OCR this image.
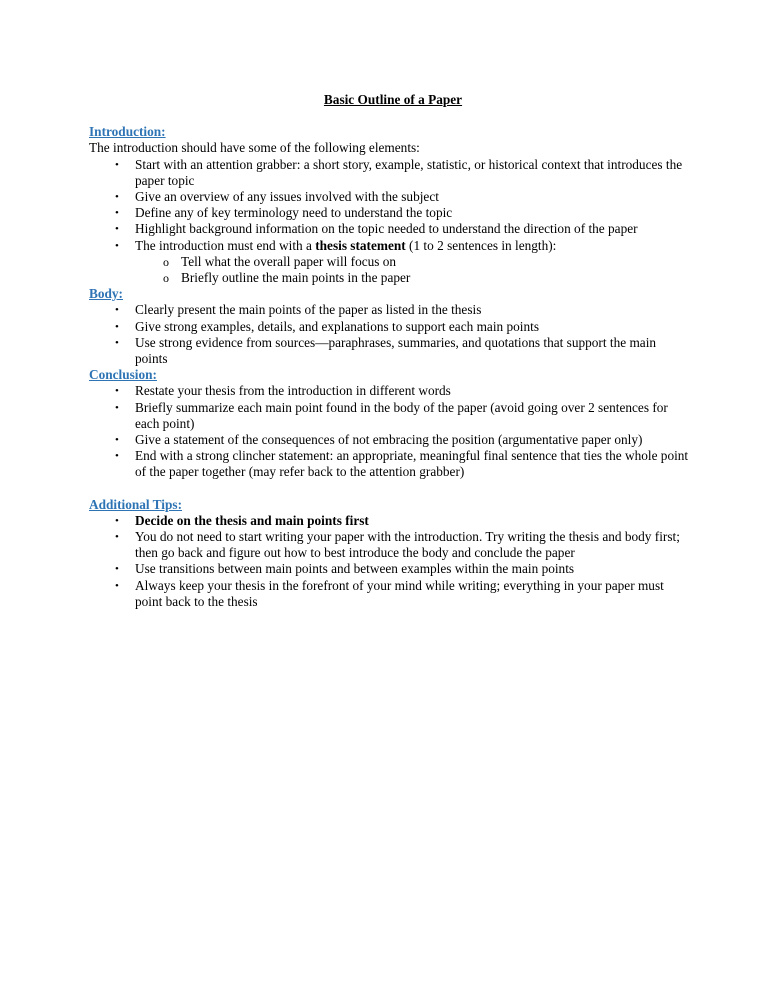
Basic Outline of a Paper

Introduction:

The introduction should have some of the following elements:

• Start with an attention grabber: a short story, example, statistic, or historical context that introduces the paper topic
• Give an overview of any issues involved with the subject
• Define any of key terminology need to understand the topic
• Highlight background information on the topic needed to understand the direction of the paper
• The introduction must end with a thesis statement (1 to 2 sentences in length):
o Tell what the overall paper will focus on
o Briefly outline the main points in the paper

Body:

• Clearly present the main points of the paper as listed in the thesis
• Give strong examples, details, and explanations to support each main points
• Use strong evidence from sources—paraphrases, summaries, and quotations that support the main points

Conclusion:

• Restate your thesis from the introduction in different words
• Briefly summarize each main point found in the body of the paper (avoid going over 2 sentences for each point)
• Give a statement of the consequences of not embracing the position (argumentative paper only)
• End with a strong clincher statement: an appropriate, meaningful final sentence that ties the whole point of the paper together (may refer back to the attention grabber)

Additional Tips:

• Decide on the thesis and main points first
• You do not need to start writing your paper with the introduction. Try writing the thesis and body first; then go back and figure out how to best introduce the body and conclude the paper
• Use transitions between main points and between examples within the main points
• Always keep your thesis in the forefront of your mind while writing; everything in your paper must point back to the thesis
